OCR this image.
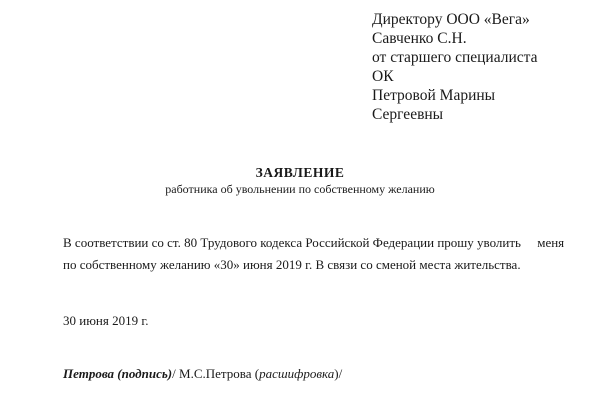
Директору ООО «Вега»
Савченко С.Н.
от старшего специалиста
ОК
Петровой Марины
Сергеевны
ЗАЯВЛЕНИЕ
работника об увольнении по собственному желанию
В соответствии со ст. 80 Трудового кодекса Российской Федерации прошу уволить     меня
по собственному желанию «30» июня 2019 г. В связи со сменой места жительства.
30 июня 2019 г.
Петрова (подпись)/ М.С.Петрова (расшифровка)/
